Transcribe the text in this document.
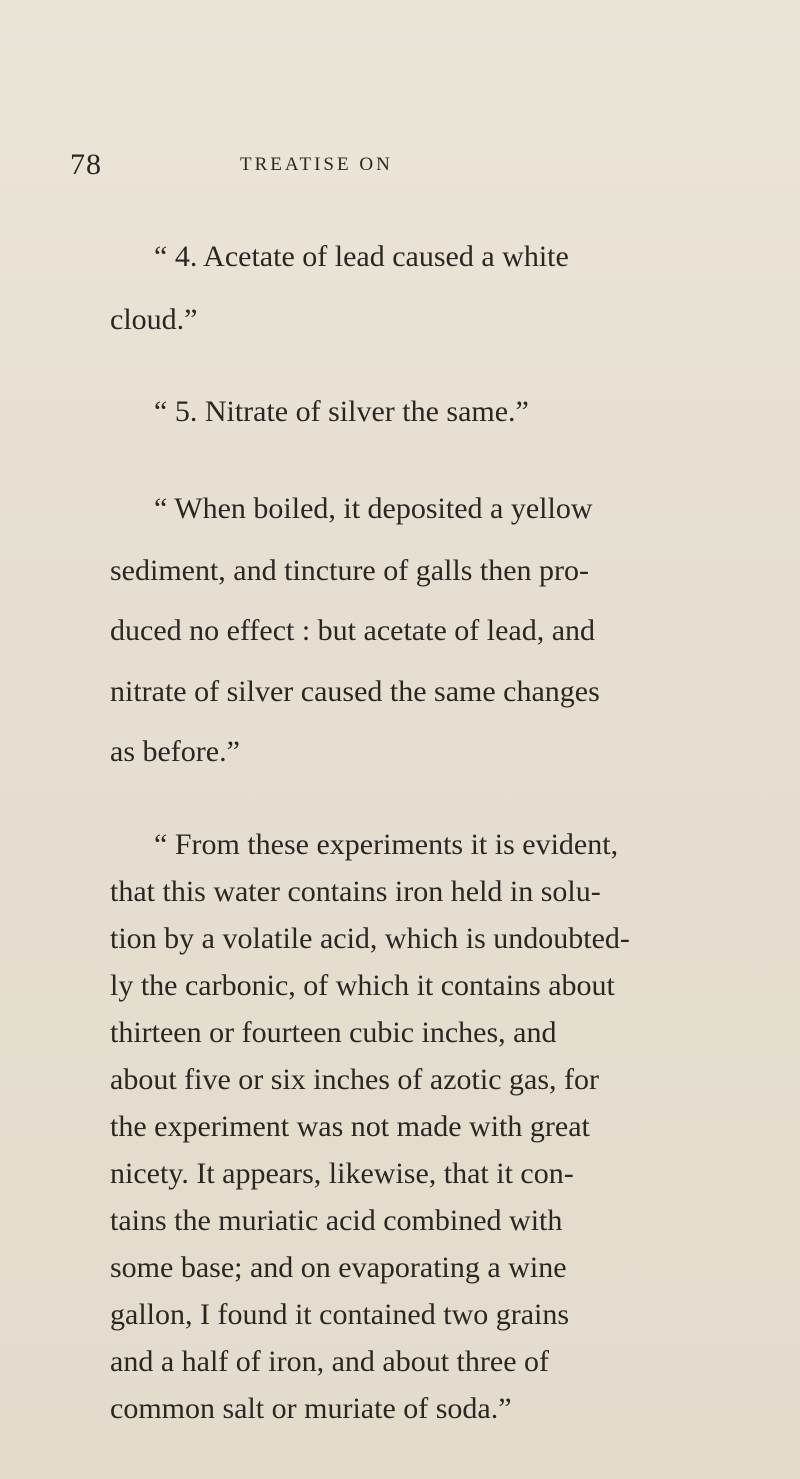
78	TREATISE ON
“ 4. Acetate of lead caused a white
cloud.”
“ 5. Nitrate of silver the same.”
“ When boiled, it deposited a yellow
sediment, and tincture of galls then pro-
duced no effect : but acetate of lead, and
nitrate of silver caused the same changes
as before.”
“ From these experiments it is evident,
that this water contains iron held in solu-
tion by a volatile acid, which is undoubted-
ly the carbonic, of which it contains about
thirteen or fourteen cubic inches, and
about five or six inches of azotic gas, for
the experiment was not made with great
nicety. It appears, likewise, that it con-
tains the muriatic acid combined with
some base; and on evaporating a wine
gallon, I found it contained two grains
and a half of iron, and about three of
common salt or muriate of soda.”
